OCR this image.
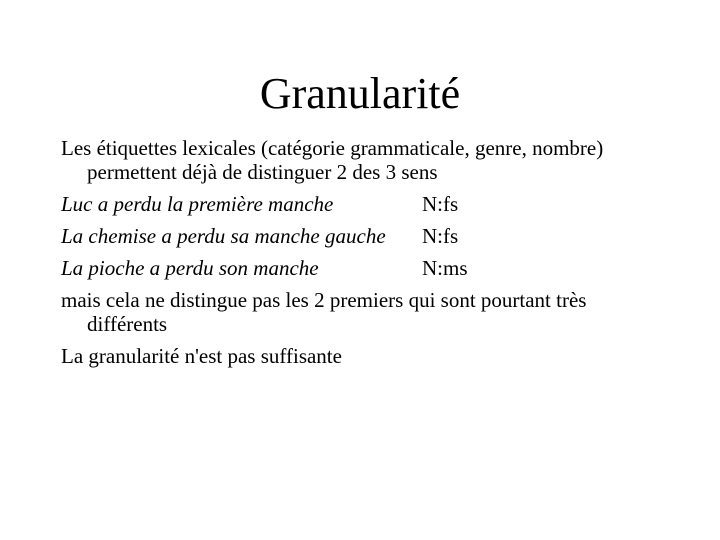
Granularité

Les étiquettes lexicales (catégorie grammaticale, genre, nombre) permettent déjà de distinguer 2 des 3 sens

Luc a perdu la première manche	N:fs
La chemise a perdu sa manche gauche N:fs
La pioche a perdu son manche	N:ms

mais cela ne distingue pas les 2 premiers qui sont pourtant très différents

La granularité n'est pas suffisante
